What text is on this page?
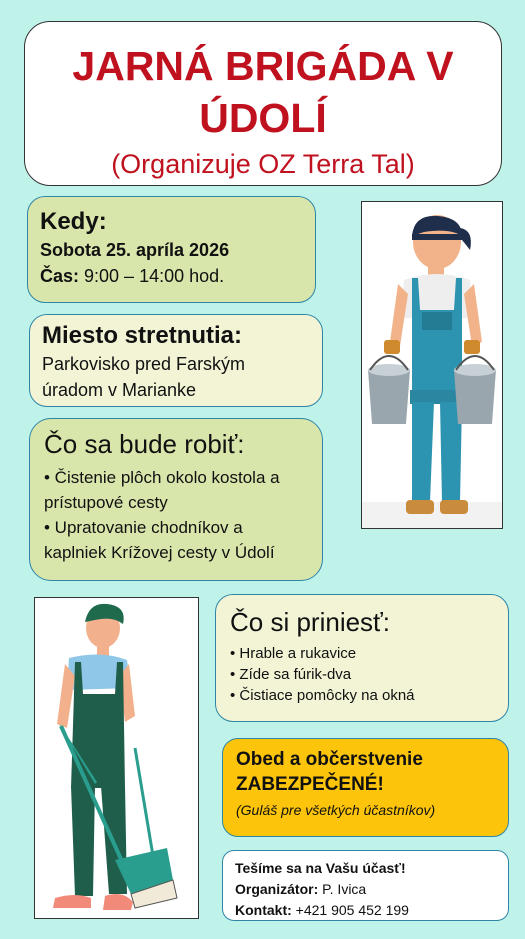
JARNÁ BRIGÁDA V
ÚDOLÍ
(Organizuje OZ Terra Tal)
Kedy:
Sobota 25. apríla 2026
Čas: 9:00 – 14:00 hod.
Miesto stretnutia:
Parkovisko pred Farským
úradom v Marianke
Čo sa bude robiť:
• Čistenie plôch okolo kostola a
prístupové cesty
• Upratovanie chodníkov a
kaplniek Krížovej cesty v Údolí
Čo si priniesť:
• Hrable a rukavice
• Zíde sa fúrik-dva
• Čistiace pomôcky na okná
Obed a občerstvenie
ZABEZPEČENÉ!
(Guláš pre všetkých účastníkov)
Tešíme sa na Vašu účasť!
Organizátor: P. Ivica
Kontakt: +421 905 452 199
